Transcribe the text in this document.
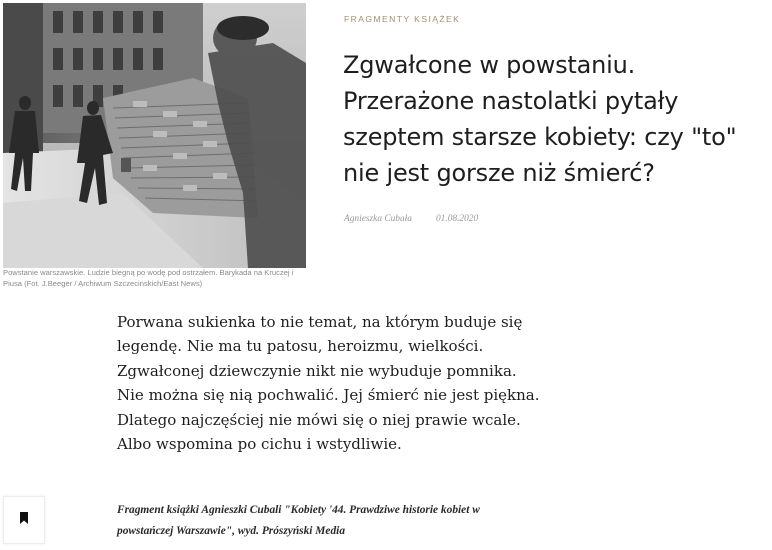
Powstanie warszawskie. Ludzie biegną po wodę pod ostrzałem. Barykada na Kruczej i Piusa (Fot. J.Beeger / Archiwum Szczecinskich/East News)
FRAGMENTY KSIĄŻEK
Zgwałcone w powstaniu. Przerażone nastolatki pytały szeptem starsze kobiety: czy "to" nie jest gorsze niż śmierć?
Agnieszka Cubała	01.08.2020

Porwana sukienka to nie temat, na którym buduje się legendę. Nie ma tu patosu, heroizmu, wielkości. Zgwałconej dziewczynie nikt nie wybuduje pomnika. Nie można się nią pochwalić. Jej śmierć nie jest piękna. Dlatego najczęściej nie mówi się o niej prawie wcale. Albo wspomina po cichu i wstydliwie.

Fragment książki Agnieszki Cubali "Kobiety '44. Prawdziwe historie kobiet w powstańczej Warszawie", wyd. Prószyński Media
